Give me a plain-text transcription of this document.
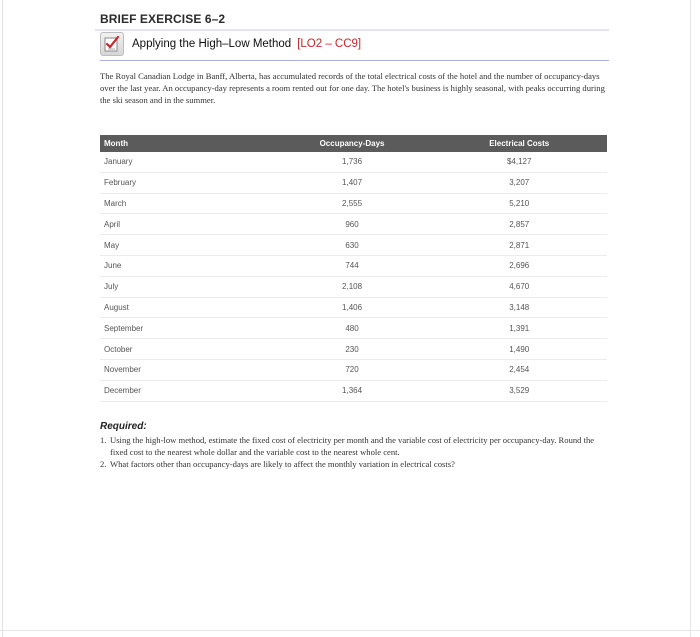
BRIEF EXERCISE 6–2
Applying the High–Low Method [LO2 – CC9]

The Royal Canadian Lodge in Banff, Alberta, has accumulated records of the total electrical costs of the hotel and the number of occupancy-days over the last year. An occupancy-day represents a room rented out for one day. The hotel's business is highly seasonal, with peaks occurring during the ski season and in the summer.

Month	Occupancy-Days	Electrical Costs
January	1,736	$4,127
February	1,407	3,207
March	2,555	5,210
April	960	2,857
May	630	2,871
June	744	2,696
July	2,108	4,670
August	1,406	3,148
September	480	1,391
October	230	1,490
November	720	2,454
December	1,364	3,529
Required:

1. Using the high-low method, estimate the fixed cost of electricity per month and the variable cost of electricity per occupancy-day. Round the fixed cost to the nearest whole dollar and the variable cost to the nearest whole cent.

2. What factors other than occupancy-days are likely to affect the monthly variation in electrical costs?
